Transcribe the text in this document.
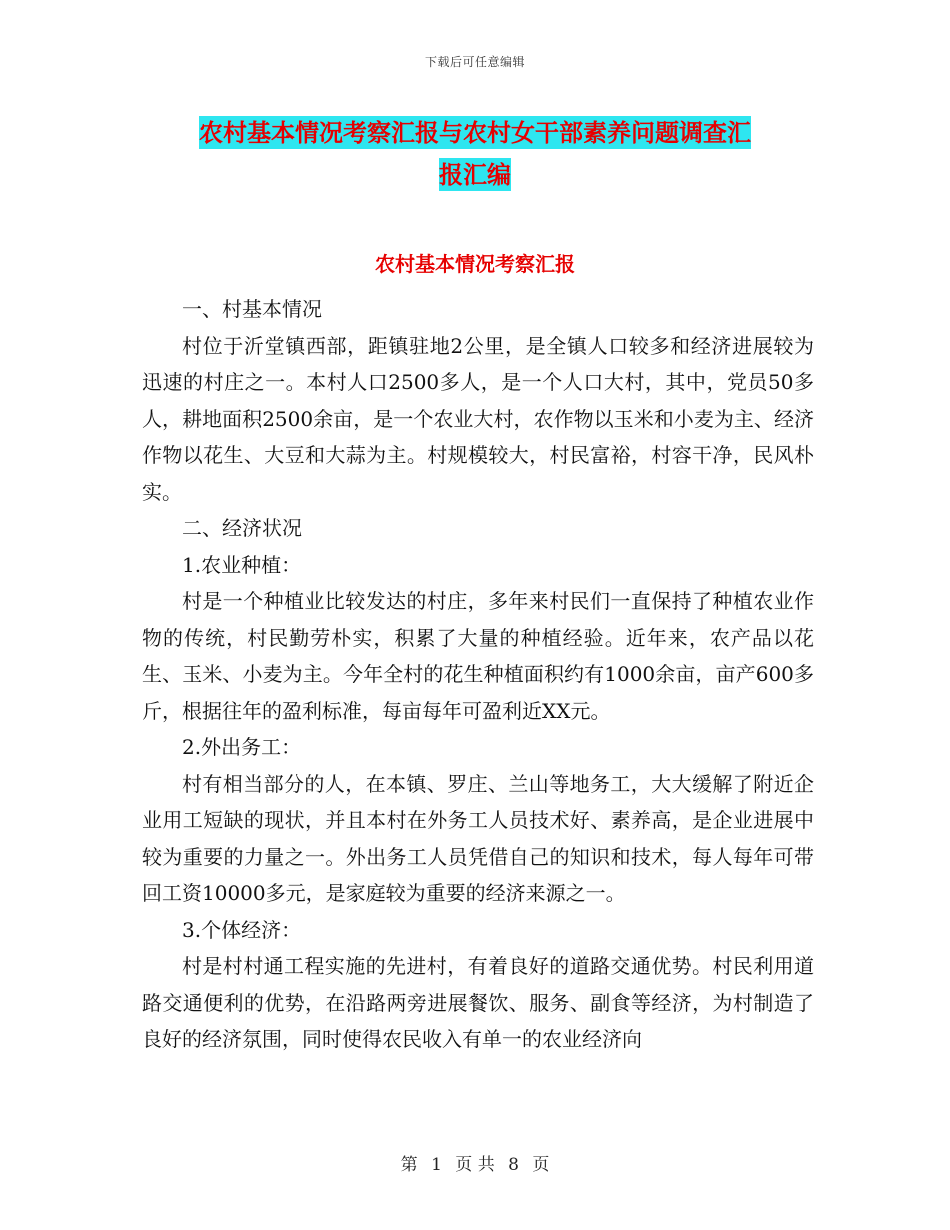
下载后可任意编辑
农村基本情况考察汇报与农村女干部素养问题调查汇
报汇编
农村基本情况考察汇报

一、村基本情况

村位于沂堂镇西部，距镇驻地2公里，是全镇人口较多和经济进展较为迅速的村庄之一。本村人口2500多人，是一个人口大村，其中，党员50多人，耕地面积2500余亩，是一个农业大村，农作物以玉米和小麦为主、经济作物以花生、大豆和大蒜为主。村规模较大，村民富裕，村容干净，民风朴实。

二、经济状况

1.农业种植：

村是一个种植业比较发达的村庄，多年来村民们一直保持了种植农业作物的传统，村民勤劳朴实，积累了大量的种植经验。近年来，农产品以花生、玉米、小麦为主。今年全村的花生种植面积约有1000余亩，亩产600多斤，根据往年的盈利标准，每亩每年可盈利近XX元。

2.外出务工：

村有相当部分的人，在本镇、罗庄、兰山等地务工，大大缓解了附近企业用工短缺的现状，并且本村在外务工人员技术好、素养高，是企业进展中较为重要的力量之一。外出务工人员凭借自己的知识和技术，每人每年可带回工资10000多元，是家庭较为重要的经济来源之一。

3.个体经济：

村是村村通工程实施的先进村，有着良好的道路交通优势。村民利用道路交通便利的优势，在沿路两旁进展餐饮、服务、副食等经济，为村制造了良好的经济氛围，同时使得农民收入有单一的农业经济向

第 1 页 共 8 页
